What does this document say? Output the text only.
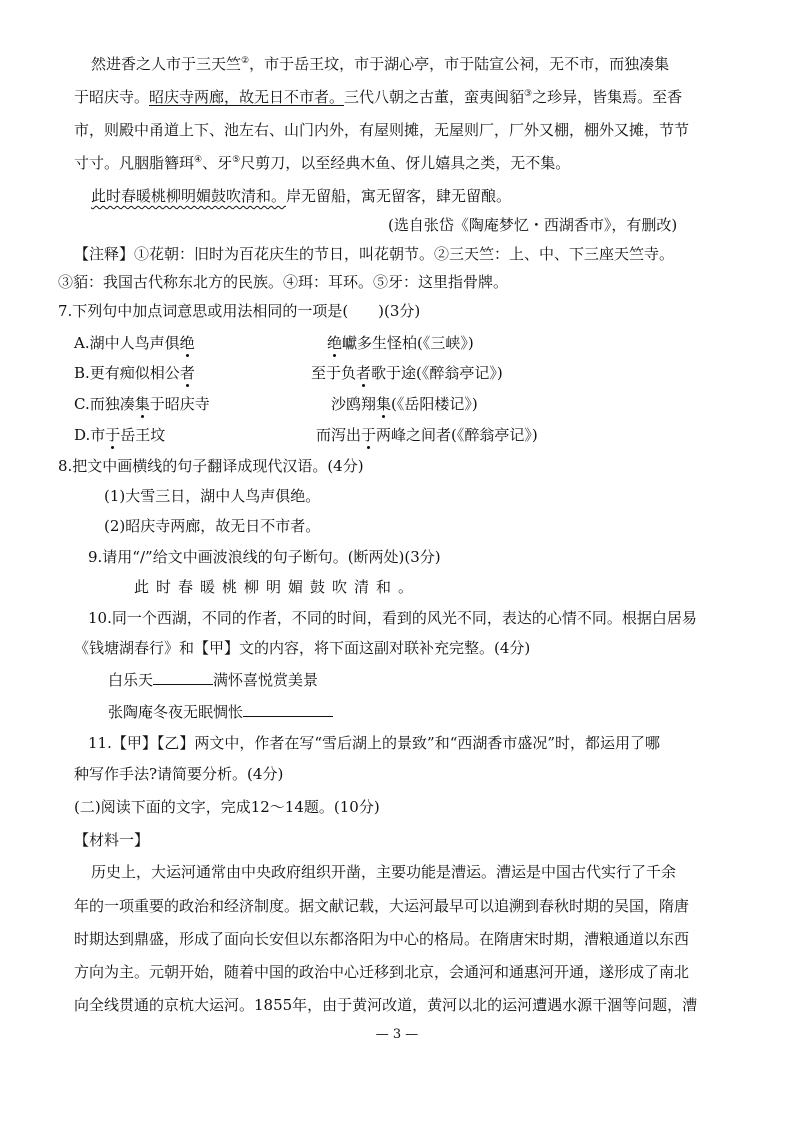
然进香之人市于三天竺②，市于岳王坟，市于湖心亭，市于陆宣公祠，无不市，而独凑集
于昭庆寺。昭庆寺两廊，故无日不市者。三代八朝之古董，蛮夷闽貊③之珍异，皆集焉。至香
市，则殿中甬道上下、池左右、山门内外，有屋则摊，无屋则厂，厂外又棚，棚外又摊，节节
寸寸。凡胭脂簪珥④、牙⑤尺剪刀，以至经典木鱼、伢儿嬉具之类，无不集。
此时春暖桃柳明媚鼓吹清和。岸无留船，寓无留客，肆无留酿。
(选自张岱《陶庵梦忆・西湖香市》，有删改)
【注释】①花朝：旧时为百花庆生的节日，叫花朝节。②三天竺：上、中、下三座天竺寺。
③貊：我国古代称东北方的民族。④珥：耳环。⑤牙：这里指骨牌。
7.下列句中加点词意思或用法相同的一项是(　　)(3分)
A.湖中人鸟声俱绝	绝巘多生怪柏(《三峡》)
B.更有痴似相公者	至于负者歌于途(《醉翁亭记》)
C.而独凑集于昭庆寺	沙鸥翔集(《岳阳楼记》)
D.市于岳王坟	而泻出于两峰之间者(《醉翁亭记》)
8.把文中画横线的句子翻译成现代汉语。(4分)
(1)大雪三日，湖中人鸟声俱绝。
(2)昭庆寺两廊，故无日不市者。
9.请用“/”给文中画波浪线的句子断句。(断两处)(3分)
此时春暖桃柳明媚鼓吹清和。
10.同一个西湖，不同的作者，不同的时间，看到的风光不同，表达的心情不同。根据白居易
《钱塘湖春行》和【甲】文的内容，将下面这副对联补充完整。(4分)
白乐天	满怀喜悦赏美景
张陶庵冬夜无眠惆怅
11.【甲】【乙】两文中，作者在写“雪后湖上的景致”和“西湖香市盛况”时，都运用了哪
种写作手法?请简要分析。(4分)
(二)阅读下面的文字，完成12～14题。(10分)
【材料一】
历史上，大运河通常由中央政府组织开凿，主要功能是漕运。漕运是中国古代实行了千余
年的一项重要的政治和经济制度。据文献记载，大运河最早可以追溯到春秋时期的吴国，隋唐
时期达到鼎盛，形成了面向长安但以东都洛阳为中心的格局。在隋唐宋时期，漕粮通道以东西
方向为主。元朝开始，随着中国的政治中心迁移到北京，会通河和通惠河开通，遂形成了南北
向全线贯通的京杭大运河。1855年，由于黄河改道，黄河以北的运河遭遇水源干涸等问题，漕
— 3 —
